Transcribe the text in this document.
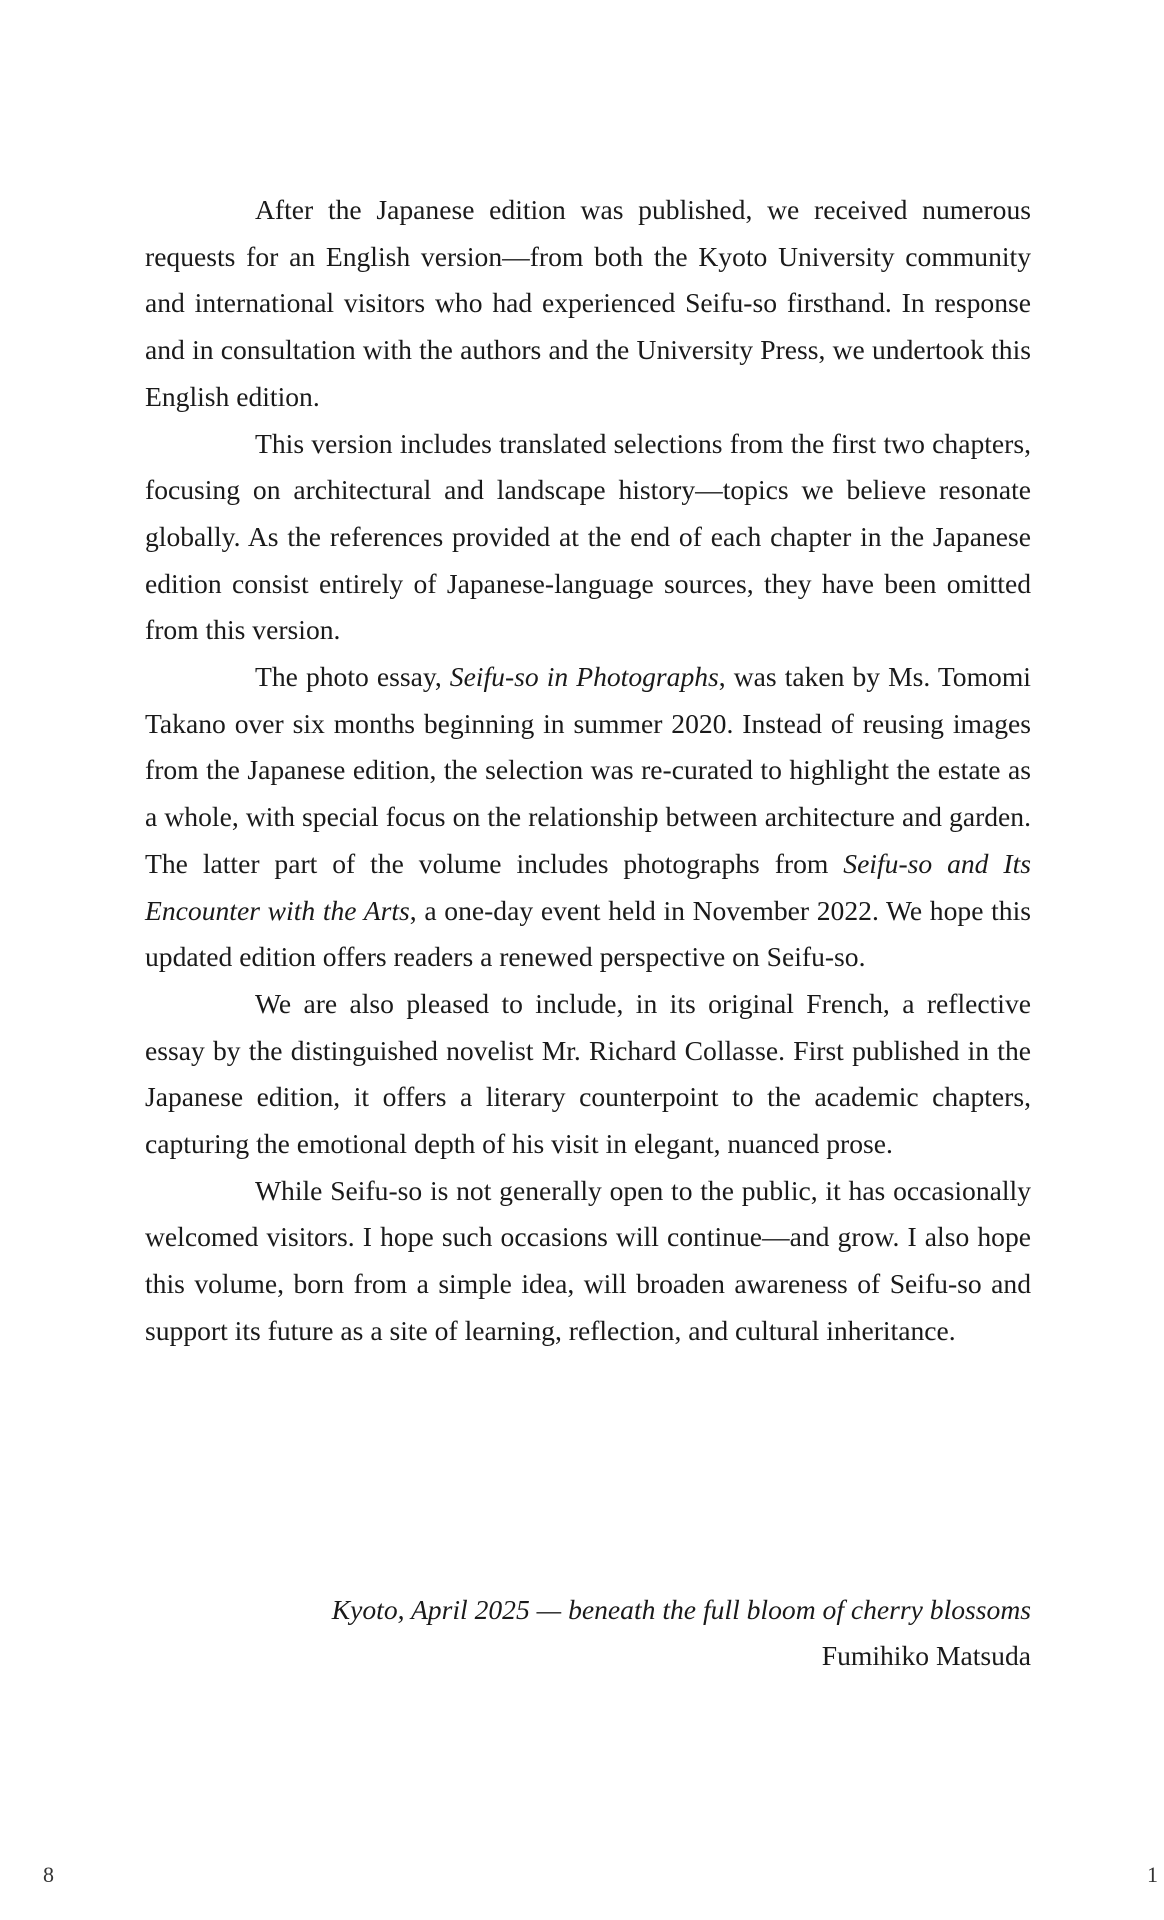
After the Japanese edition was published, we received numerous requests for an English version—from both the Kyoto University community and international visitors who had experienced Seifu-so firsthand. In response and in consultation with the authors and the University Press, we undertook this English edition.

This version includes translated selections from the first two chapters, focusing on architectural and landscape history—topics we believe resonate globally. As the references provided at the end of each chapter in the Japanese edition consist entirely of Japanese-language sources, they have been omitted from this version.

The photo essay, Seifu-so in Photographs, was taken by Ms. Tomomi Takano over six months beginning in summer 2020. Instead of reusing images from the Japanese edition, the selection was re-curated to highlight the estate as a whole, with special focus on the relationship between architecture and garden. The latter part of the volume includes photographs from Seifu-so and Its Encounter with the Arts, a one-day event held in November 2022. We hope this updated edition offers readers a renewed perspective on Seifu-so.

We are also pleased to include, in its original French, a reflective essay by the distinguished novelist Mr. Richard Collasse. First published in the Japanese edition, it offers a literary counterpoint to the academic chapters, capturing the emotional depth of his visit in elegant, nuanced prose.

While Seifu-so is not generally open to the public, it has occasionally welcomed visitors. I hope such occasions will continue—and grow. I also hope this volume, born from a simple idea, will broaden awareness of Seifu-so and support its future as a site of learning, reflection, and cultural inheritance.

Kyoto, April 2025 — beneath the full bloom of cherry blossoms
Fumihiko Matsuda
8	1
